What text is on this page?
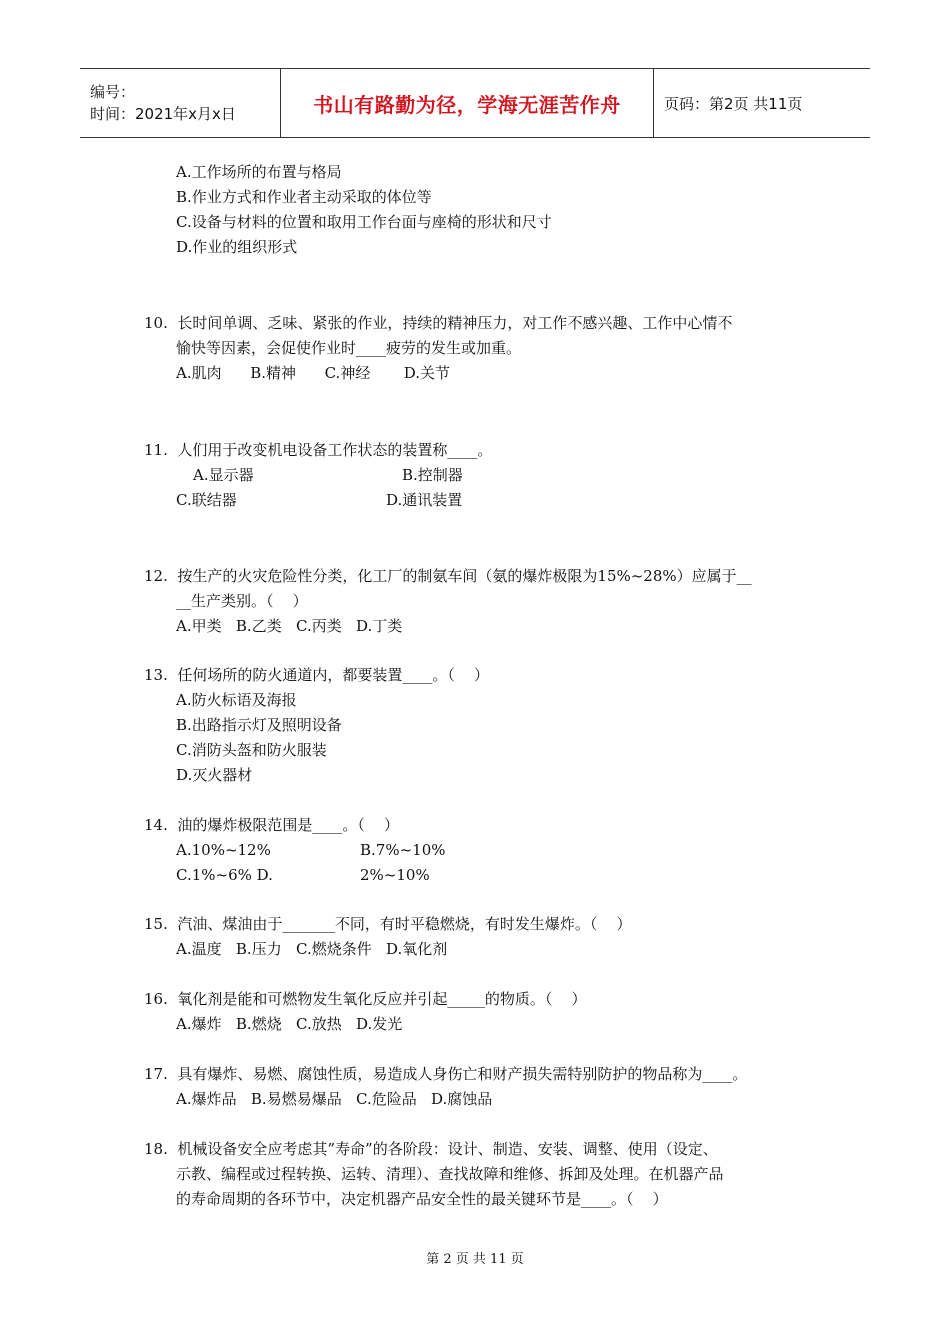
编号：
时间：2021年x月x日	书山有路勤为径，学海无涯苦作舟	页码：第2页 共11页
A.工作场所的布置与格局
B.作业方式和作业者主动采取的体位等
C.设备与材料的位置和取用工作台面与座椅的形状和尺寸
D.作业的组织形式
10.  长时间单调、乏味、紧张的作业，持续的精神压力，对工作不感兴趣、工作中心情不
愉快等因素，会促使作业时____疲劳的发生或加重。
A.肌肉      B.精神      C.神经       D.关节
11.  人们用于改变机电设备工作状态的装置称____。
A.显示器	B.控制器
C.联结器	D.通讯装置
12.  按生产的火灾危险性分类，化工厂的制氨车间（氨的爆炸极限为15%~28%）应属于__
__生产类别。（    ）
A.甲类   B.乙类   C.丙类   D.丁类
13.  任何场所的防火通道内，都要装置____。（    ）
A.防火标语及海报
B.出路指示灯及照明设备
C.消防头盔和防火服装
D.灭火器材
14.  油的爆炸极限范围是____。（    ）
A.10%~12%	B.7%~10%
C.1%~6% D.	2%~10%
15.  汽油、煤油由于_______不同，有时平稳燃烧，有时发生爆炸。（    ）
A.温度   B.压力   C.燃烧条件   D.氧化剂
16.  氧化剂是能和可燃物发生氧化反应并引起_____的物质。（    ）
A.爆炸   B.燃烧   C.放热   D.发光
17.  具有爆炸、易燃、腐蚀性质，易造成人身伤亡和财产损失需特别防护的物品称为____。
A.爆炸品   B.易燃易爆品   C.危险品   D.腐蚀品
18.  机械设备安全应考虑其”寿命”的各阶段：设计、制造、安装、调整、使用（设定、
示教、编程或过程转换、运转、清理）、查找故障和维修、拆卸及处理。在机器产品
的寿命周期的各环节中，决定机器产品安全性的最关键环节是____。（    ）
第 2 页 共 11 页
